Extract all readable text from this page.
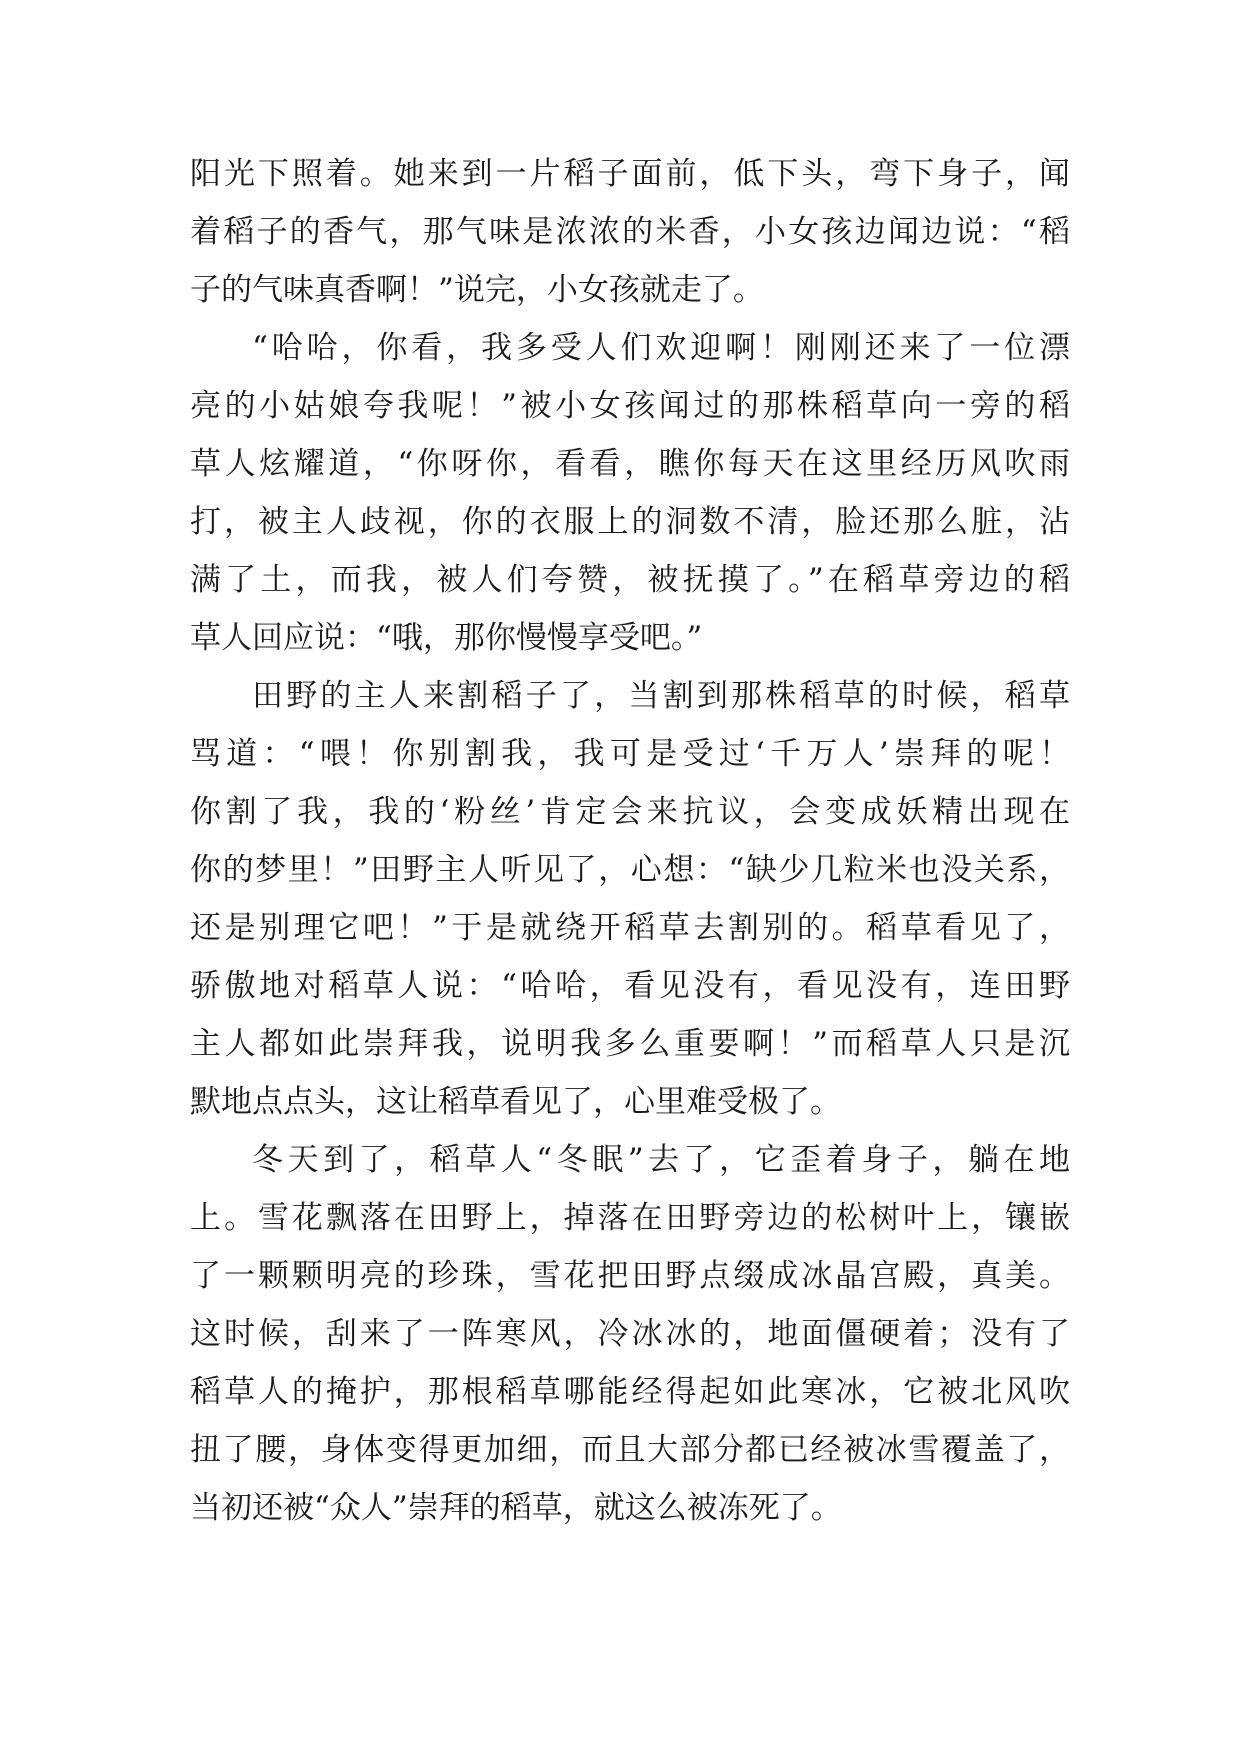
阳光下照着。她来到一片稻子面前，低下头，弯下身子，闻
着稻子的香气，那气味是浓浓的米香，小女孩边闻边说：“稻
子的气味真香啊！”说完，小女孩就走了。
“哈哈，你看，我多受人们欢迎啊！刚刚还来了一位漂
亮的小姑娘夸我呢！”被小女孩闻过的那株稻草向一旁的稻
草人炫耀道，“你呀你，看看，瞧你每天在这里经历风吹雨
打，被主人歧视，你的衣服上的洞数不清，脸还那么脏，沾
满了土，而我，被人们夸赞，被抚摸了。”在稻草旁边的稻
草人回应说：“哦，那你慢慢享受吧。”
田野的主人来割稻子了，当割到那株稻草的时候，稻草
骂道：“喂！你别割我，我可是受过‘千万人’崇拜的呢！
你割了我，我的‘粉丝’肯定会来抗议，会变成妖精出现在
你的梦里！”田野主人听见了，心想：“缺少几粒米也没关系，
还是别理它吧！”于是就绕开稻草去割别的。稻草看见了，
骄傲地对稻草人说：“哈哈，看见没有，看见没有，连田野
主人都如此崇拜我，说明我多么重要啊！”而稻草人只是沉
默地点点头，这让稻草看见了，心里难受极了。
冬天到了，稻草人“冬眠”去了，它歪着身子，躺在地
上。雪花飘落在田野上，掉落在田野旁边的松树叶上，镶嵌
了一颗颗明亮的珍珠，雪花把田野点缀成冰晶宫殿，真美。
这时候，刮来了一阵寒风，冷冰冰的，地面僵硬着；没有了
稻草人的掩护，那根稻草哪能经得起如此寒冰，它被北风吹
扭了腰，身体变得更加细，而且大部分都已经被冰雪覆盖了，
当初还被“众人”崇拜的稻草，就这么被冻死了。
